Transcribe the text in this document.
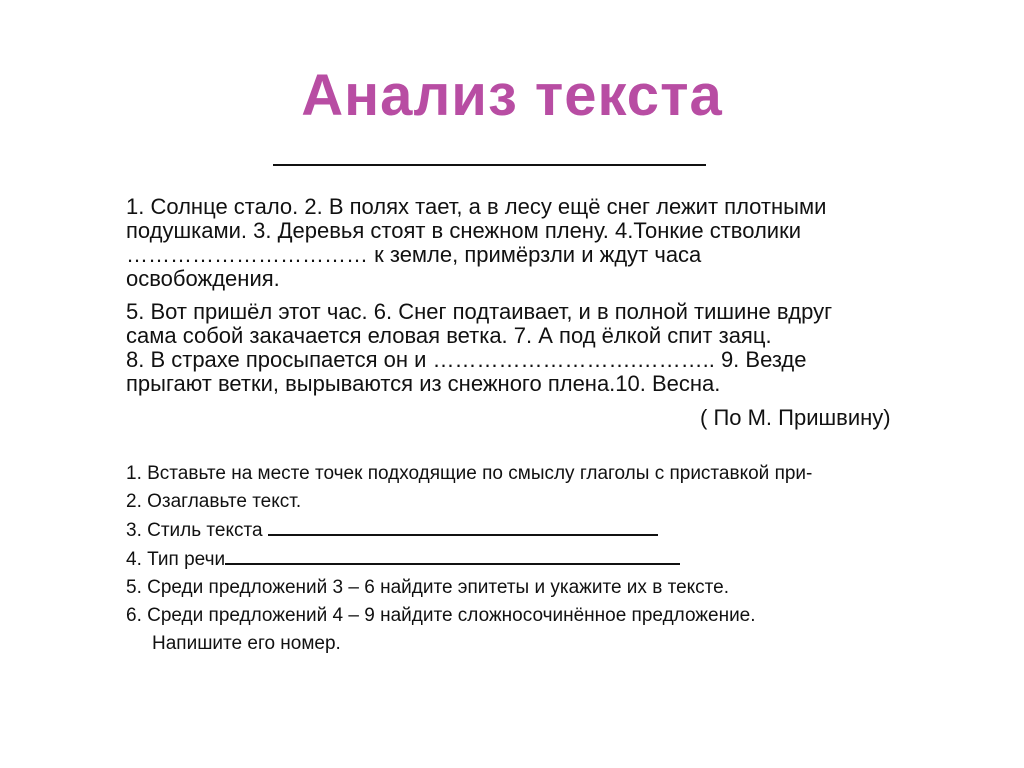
Анализ текста

1. Солнце стало. 2. В полях тает, а в лесу ещё снег лежит плотными
подушками. 3. Деревья стоят в снежном плену. 4.Тонкие стволики
…………………………… к земле, примёрзли и ждут часа
освобождения.

5. Вот пришёл этот час. 6. Снег подтаивает, и в полной тишине вдруг
сама собой закачается еловая ветка. 7. А под ёлкой спит заяц.
8. В страхе просыпается он и ……………………….……….. 9. Везде
прыгают ветки, вырываются из снежного плена.10. Весна.

( По М. Пришвину)
1. Вставьте на месте точек подходящие по смыслу глаголы с приставкой при-
2. Озаглавьте текст.
3. Стиль текста
4. Тип речи
5. Среди предложений 3 – 6 найдите эпитеты и укажите их в тексте.
6. Среди предложений 4 – 9 найдите сложносочинённое предложение.
Напишите его номер.
